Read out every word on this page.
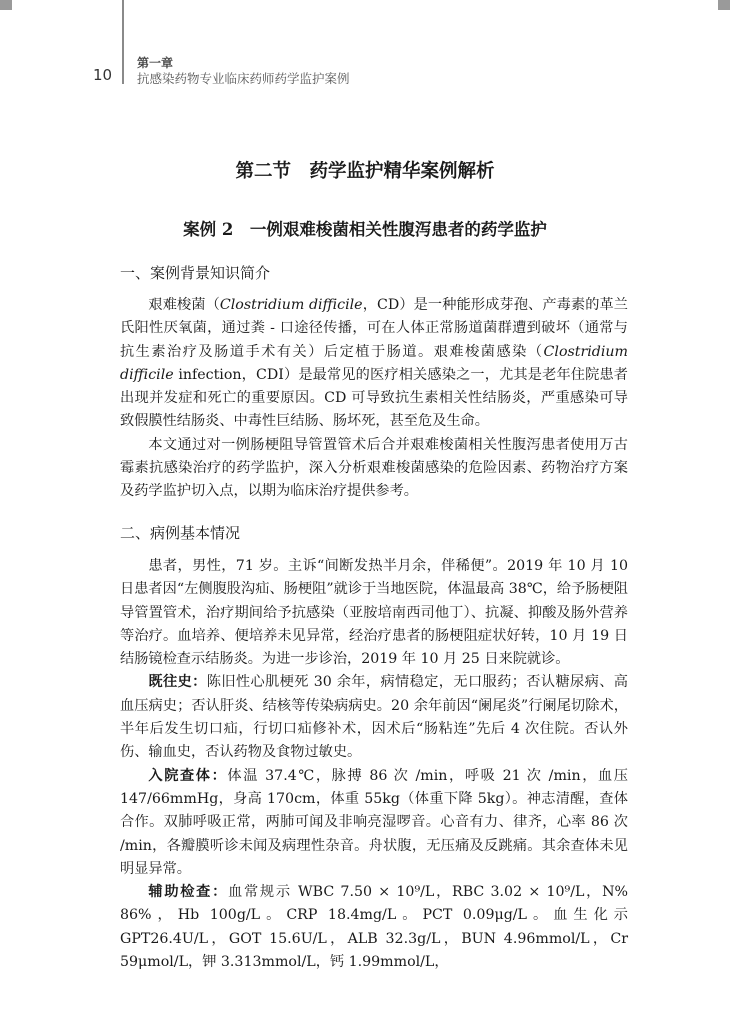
10
第一章
抗感染药物专业临床药师药学监护案例
第二节　药学监护精华案例解析
案例 2　一例艰难梭菌相关性腹泻患者的药学监护
一、案例背景知识简介

艰难梭菌（Clostridium difficile，CD）是一种能形成芽孢、产毒素的革兰氏阳性厌氧菌，通过粪 - 口途径传播，可在人体正常肠道菌群遭到破坏（通常与抗生素治疗及肠道手术有关）后定植于肠道。艰难梭菌感染（Clostridium difficile infection，CDI）是最常见的医疗相关感染之一，尤其是老年住院患者出现并发症和死亡的重要原因。CD 可导致抗生素相关性结肠炎，严重感染可导致假膜性结肠炎、中毒性巨结肠、肠坏死，甚至危及生命。

本文通过对一例肠梗阻导管置管术后合并艰难梭菌相关性腹泻患者使用万古霉素抗感染治疗的药学监护，深入分析艰难梭菌感染的危险因素、药物治疗方案及药学监护切入点，以期为临床治疗提供参考。

二、病例基本情况

患者，男性，71 岁。主诉“间断发热半月余，伴稀便”。2019 年 10 月 10 日患者因“左侧腹股沟疝、肠梗阻”就诊于当地医院，体温最高 38℃，给予肠梗阻导管置管术，治疗期间给予抗感染（亚胺培南西司他丁）、抗凝、抑酸及肠外营养等治疗。血培养、便培养未见异常，经治疗患者的肠梗阻症状好转，10 月 19 日结肠镜检查示结肠炎。为进一步诊治，2019 年 10 月 25 日来院就诊。

既往史：陈旧性心肌梗死 30 余年，病情稳定，无口服药；否认糖尿病、高血压病史；否认肝炎、结核等传染病病史。20 余年前因“阑尾炎”行阑尾切除术，半年后发生切口疝，行切口疝修补术，因术后“肠粘连”先后 4 次住院。否认外伤、输血史，否认药物及食物过敏史。

入院查体：体温 37.4℃，脉搏 86 次 /min，呼吸 21 次 /min，血压 147/66mmHg，身高 170cm，体重 55kg（体重下降 5kg）。神志清醒，查体合作。双肺呼吸正常，两肺可闻及非响亮湿啰音。心音有力、律齐，心率 86 次 /min，各瓣膜听诊未闻及病理性杂音。舟状腹，无压痛及反跳痛。其余查体未见明显异常。

辅助检查：血常规示 WBC 7.50 × 10⁹/L，RBC 3.02 × 10⁹/L，N% 86%，Hb 100g/L。CRP 18.4mg/L。PCT 0.09μg/L。血生化示 GPT26.4U/L，GOT 15.6U/L，ALB 32.3g/L，BUN 4.96mmol/L，Cr 59μmol/L，钾 3.313mmol/L，钙 1.99mmol/L，
